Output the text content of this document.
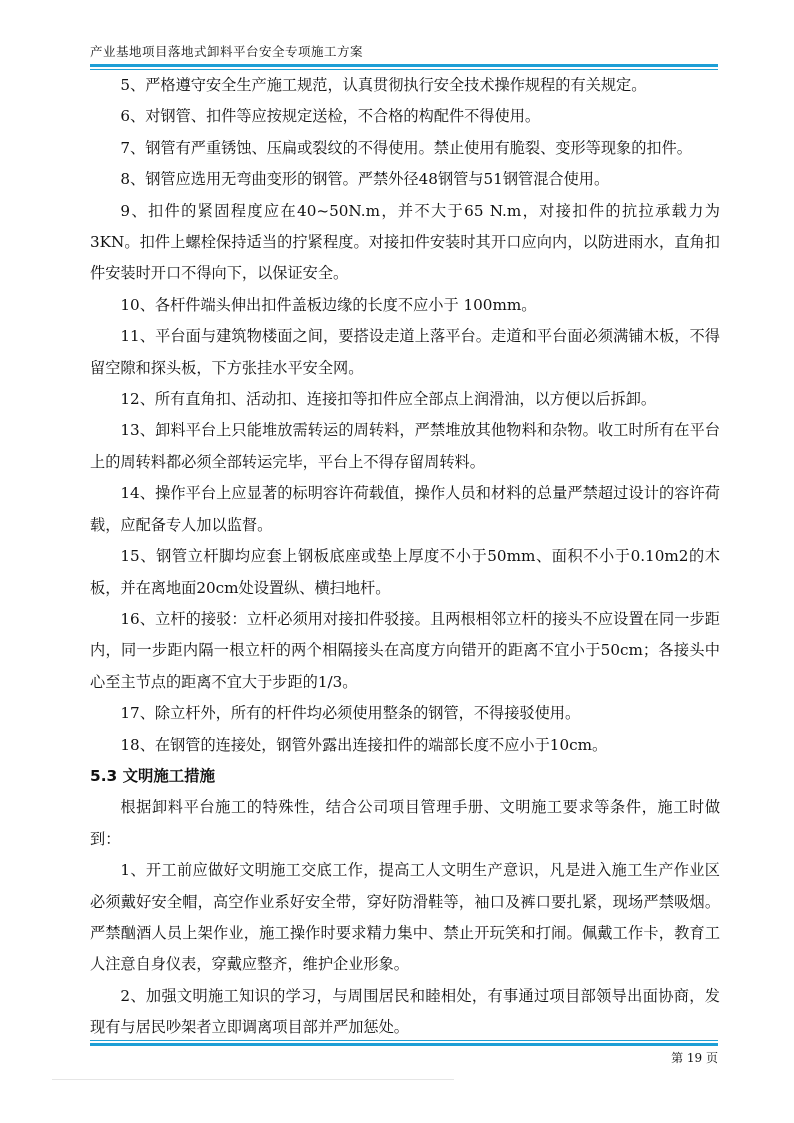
产业基地项目落地式卸料平台安全专项施工方案

5、严格遵守安全生产施工规范，认真贯彻执行安全技术操作规程的有关规定。

6、对钢管、扣件等应按规定送检，不合格的构配件不得使用。

7、钢管有严重锈蚀、压扁或裂纹的不得使用。禁止使用有脆裂、变形等现象的扣件。

8、钢管应选用无弯曲变形的钢管。严禁外径48钢管与51钢管混合使用。

9、扣件的紧固程度应在40~50N.m，并不大于65 N.m，对接扣件的抗拉承载力为3KN。扣件上螺栓保持适当的拧紧程度。对接扣件安装时其开口应向内，以防进雨水，直角扣件安装时开口不得向下，以保证安全。

10、各杆件端头伸出扣件盖板边缘的长度不应小于 100mm。

11、平台面与建筑物楼面之间，要搭设走道上落平台。走道和平台面必须满铺木板，不得留空隙和探头板，下方张挂水平安全网。

12、所有直角扣、活动扣、连接扣等扣件应全部点上润滑油，以方便以后拆卸。

13、卸料平台上只能堆放需转运的周转料，严禁堆放其他物料和杂物。收工时所有在平台上的周转料都必须全部转运完毕，平台上不得存留周转料。

14、操作平台上应显著的标明容许荷载值，操作人员和材料的总量严禁超过设计的容许荷载，应配备专人加以监督。

15、钢管立杆脚均应套上钢板底座或垫上厚度不小于50mm、面积不小于0.10m2的木板，并在离地面20cm处设置纵、横扫地杆。

16、立杆的接驳：立杆必须用对接扣件驳接。且两根相邻立杆的接头不应设置在同一步距内，同一步距内隔一根立杆的两个相隔接头在高度方向错开的距离不宜小于50cm；各接头中心至主节点的距离不宜大于步距的1/3。

17、除立杆外，所有的杆件均必须使用整条的钢管，不得接驳使用。

18、在钢管的连接处，钢管外露出连接扣件的端部长度不应小于10cm。

5.3 文明施工措施

根据卸料平台施工的特殊性，结合公司项目管理手册、文明施工要求等条件，施工时做到：

1、开工前应做好文明施工交底工作，提高工人文明生产意识，凡是进入施工生产作业区必须戴好安全帽，高空作业系好安全带，穿好防滑鞋等，袖口及裤口要扎紧，现场严禁吸烟。严禁酗酒人员上架作业，施工操作时要求精力集中、禁止开玩笑和打闹。佩戴工作卡，教育工人注意自身仪表，穿戴应整齐，维护企业形象。

2、加强文明施工知识的学习，与周围居民和睦相处，有事通过项目部领导出面协商，发现有与居民吵架者立即调离项目部并严加惩处。

第 19 页
